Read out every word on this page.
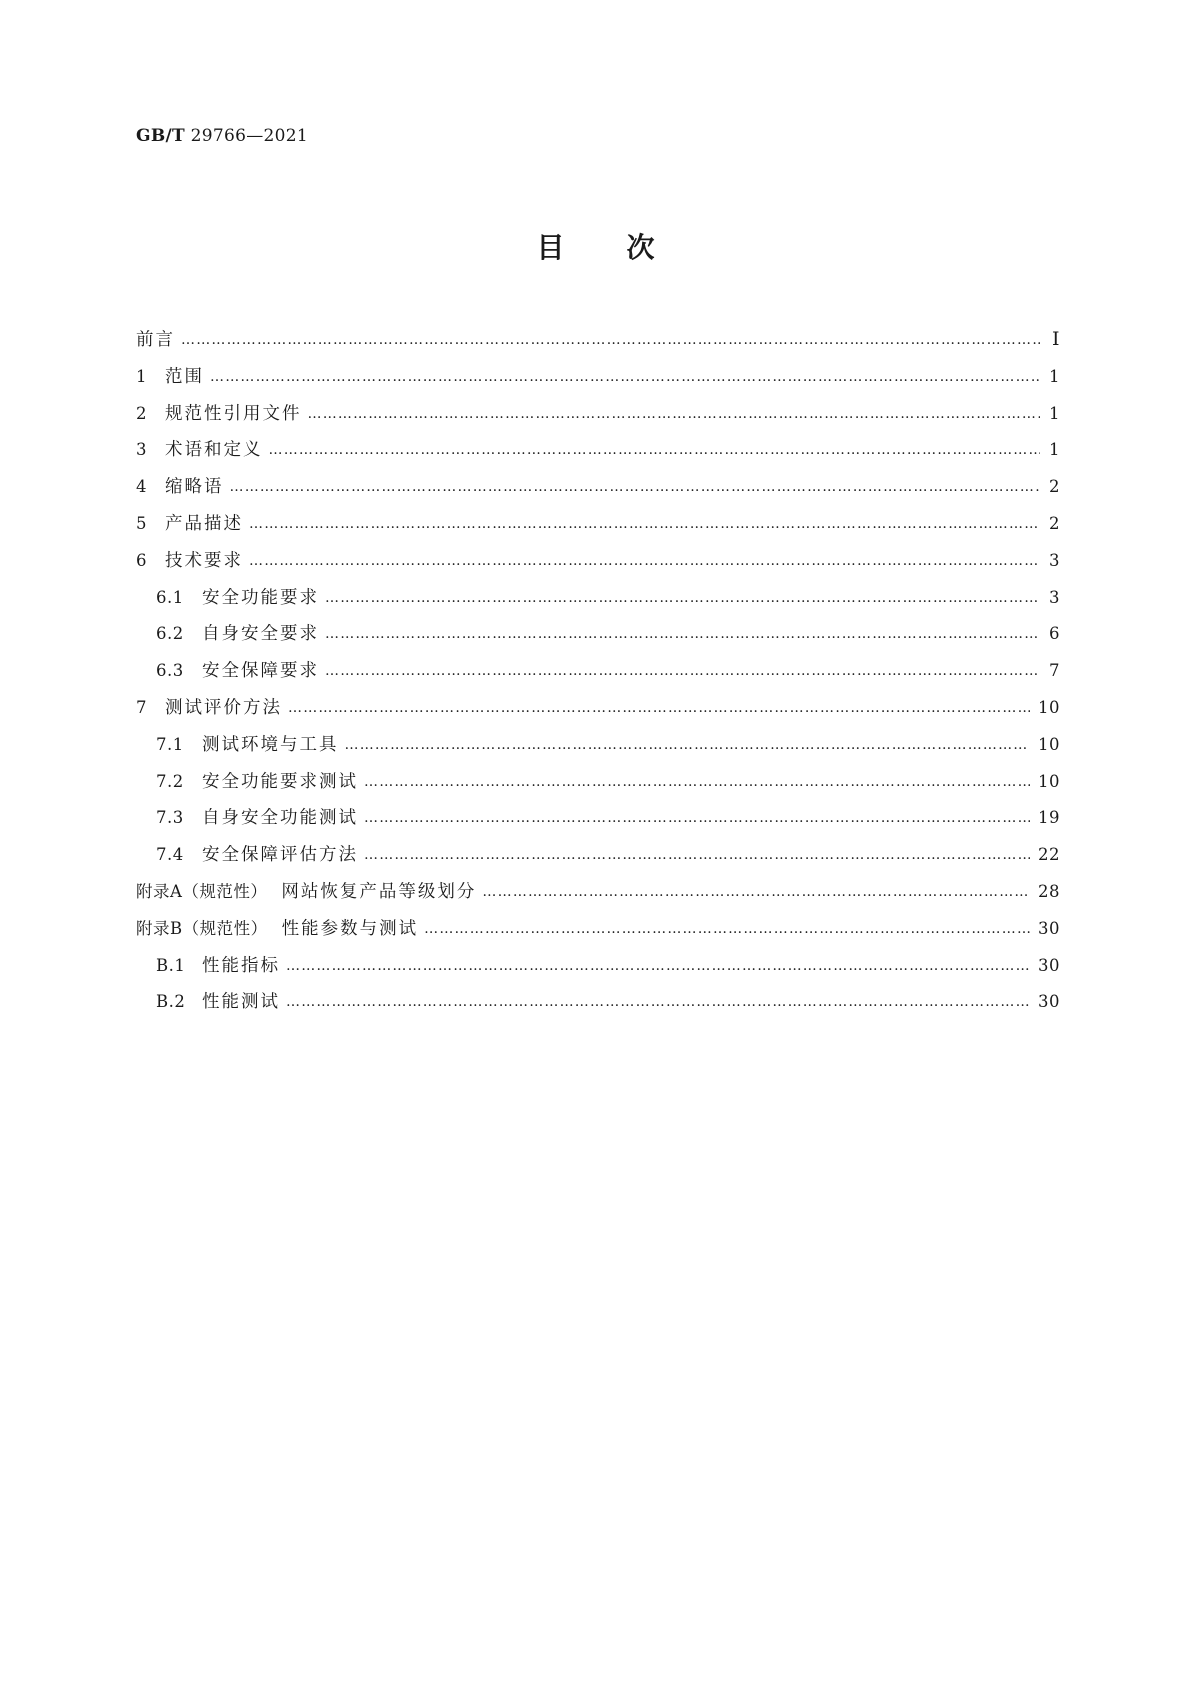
GB/T 29766—2021
目次
前言 ………………………………………………………………………………………………………………………………………………………………………………………………………………………………………………………………………………………………………	Ⅰ
1	范围 ………………………………………………………………………………………………………………………………………………………………………………………………………………………………………………………………………………………………………	1
2	规范性引用文件 ………………………………………………………………………………………………………………………………………………………………………………………………………………………………………………………………………………………………………	1
3	术语和定义 ………………………………………………………………………………………………………………………………………………………………………………………………………………………………………………………………………………………………………	1
4	缩略语 ………………………………………………………………………………………………………………………………………………………………………………………………………………………………………………………………………………………………………	2
5	产品描述 ………………………………………………………………………………………………………………………………………………………………………………………………………………………………………………………………………………………………………	2
6	技术要求 ………………………………………………………………………………………………………………………………………………………………………………………………………………………………………………………………………………………………………	3
6.1	安全功能要求 ………………………………………………………………………………………………………………………………………………………………………………………………………………………………………………………………………………………………………	3
6.2	自身安全要求 ………………………………………………………………………………………………………………………………………………………………………………………………………………………………………………………………………………………………………	6
6.3	安全保障要求 ………………………………………………………………………………………………………………………………………………………………………………………………………………………………………………………………………………………………………	7
7	测试评价方法 ………………………………………………………………………………………………………………………………………………………………………………………………………………………………………………………………………………………………………	10
7.1	测试环境与工具 ………………………………………………………………………………………………………………………………………………………………………………………………………………………………………………………………………………………………………	10
7.2	安全功能要求测试 ………………………………………………………………………………………………………………………………………………………………………………………………………………………………………………………………………………………………………	10
7.3	自身安全功能测试 ………………………………………………………………………………………………………………………………………………………………………………………………………………………………………………………………………………………………………	19
7.4	安全保障评估方法 ………………………………………………………………………………………………………………………………………………………………………………………………………………………………………………………………………………………………………	22
附录A（规范性） 网站恢复产品等级划分 ………………………………………………………………………………………………………………………………………………………………………………………………………………………………………………………………………………………………………	28
附录B（规范性） 性能参数与测试 ………………………………………………………………………………………………………………………………………………………………………………………………………………………………………………………………………………………………………	30
B.1 性能指标 ………………………………………………………………………………………………………………………………………………………………………………………………………………………………………………………………………………………………………	30
B.2 性能测试 ………………………………………………………………………………………………………………………………………………………………………………………………………………………………………………………………………………………………………	30
